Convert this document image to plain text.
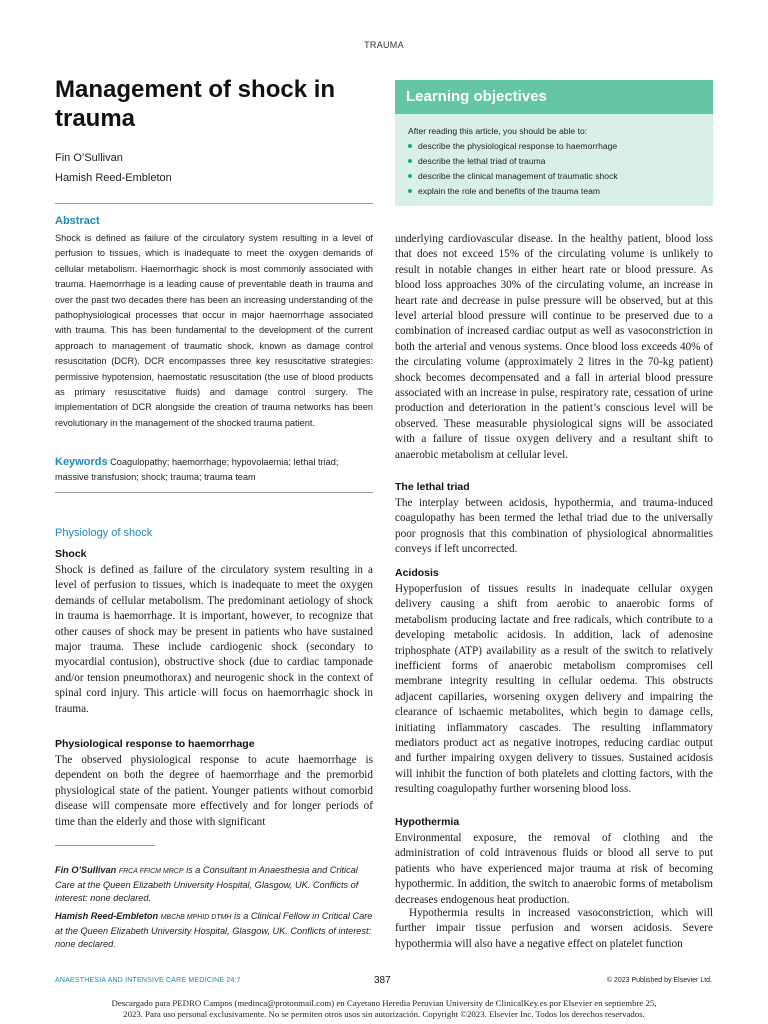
TRAUMA
Management of shock in trauma
Fin O’Sullivan
Hamish Reed-Embleton
Learning objectives
After reading this article, you should be able to:
describe the physiological response to haemorrhage
describe the lethal triad of trauma
describe the clinical management of traumatic shock
explain the role and benefits of the trauma team
Abstract

Shock is defined as failure of the circulatory system resulting in a level of perfusion to tissues, which is inadequate to meet the oxygen demands of cellular metabolism. Haemorrhagic shock is most commonly associated with trauma. Haemorrhage is a leading cause of preventable death in trauma and over the past two decades there has been an increasing understanding of the pathophysiological processes that occur in major haemorrhage associated with trauma. This has been fundamental to the development of the current approach to management of traumatic shock, known as damage control resuscitation (DCR). DCR encompasses three key resuscitative strategies: permissive hypotension, haemostatic resuscitation (the use of blood products as primary resuscitative fluids) and damage control surgery. The implementation of DCR alongside the creation of trauma networks has been revolutionary in the management of the shocked trauma patient.

Keywords Coagulopathy; haemorrhage; hypovolaemia; lethal triad; massive transfusion; shock; trauma; trauma team
Physiology of shock
Shock

Shock is defined as failure of the circulatory system resulting in a level of perfusion to tissues, which is inadequate to meet the oxygen demands of cellular metabolism. The predominant aetiology of shock in trauma is haemorrhage. It is important, however, to recognize that other causes of shock may be present in patients who have sustained major trauma. These include cardiogenic shock (secondary to myocardial contusion), obstructive shock (due to cardiac tamponade and/or tension pneumothorax) and neurogenic shock in the context of spinal cord injury. This article will focus on haemorrhagic shock in trauma.

Physiological response to haemorrhage

The observed physiological response to acute haemorrhage is dependent on both the degree of haemorrhage and the premorbid physiological state of the patient. Younger patients without comorbid disease will compensate more effectively and for longer periods of time than the elderly and those with significant

Fin O’Sullivan FRCA FFICM MRCP is a Consultant in Anaesthesia and Critical Care at the Queen Elizabeth University Hospital, Glasgow, UK. Conflicts of interest: none declared.

Hamish Reed-Embleton MBChB MPHID DTMH is a Clinical Fellow in Critical Care at the Queen Elizabeth University Hospital, Glasgow, UK. Conflicts of interest: none declared.

underlying cardiovascular disease. In the healthy patient, blood loss that does not exceed 15% of the circulating volume is unlikely to result in notable changes in either heart rate or blood pressure. As blood loss approaches 30% of the circulating volume, an increase in heart rate and decrease in pulse pressure will be observed, but at this level arterial blood pressure will continue to be preserved due to a combination of increased cardiac output as well as vasoconstriction in both the arterial and venous systems. Once blood loss exceeds 40% of the circulating volume (approximately 2 litres in the 70-kg patient) shock becomes decompensated and a fall in arterial blood pressure associated with an increase in pulse, respiratory rate, cessation of urine production and deterioration in the patient’s conscious level will be observed. These measurable physiological signs will be associated with a failure of tissue oxygen delivery and a resultant shift to anaerobic metabolism at cellular level.

The lethal triad

The interplay between acidosis, hypothermia, and trauma-induced coagulopathy has been termed the lethal triad due to the universally poor prognosis that this combination of physiological abnormalities conveys if left uncorrected.

Acidosis

Hypoperfusion of tissues results in inadequate cellular oxygen delivery causing a shift from aerobic to anaerobic forms of metabolism producing lactate and free radicals, which contribute to a developing metabolic acidosis. In addition, lack of adenosine triphosphate (ATP) availability as a result of the switch to relatively inefficient forms of anaerobic metabolism compromises cell membrane integrity resulting in cellular oedema. This obstructs adjacent capillaries, worsening oxygen delivery and impairing the clearance of ischaemic metabolites, which begin to damage cells, initiating inflammatory cascades. The resulting inflammatory mediators product act as negative inotropes, reducing cardiac output and further impairing oxygen delivery to tissues. Sustained acidosis will inhibit the function of both platelets and clotting factors, with the resulting coagulopathy further worsening blood loss.

Hypothermia

Environmental exposure, the removal of clothing and the administration of cold intravenous fluids or blood all serve to put patients who have experienced major trauma at risk of becoming hypothermic. In addition, the switch to anaerobic forms of metabolism decreases endogenous heat production.

Hypothermia results in increased vasoconstriction, which will further impair tissue perfusion and worsen acidosis. Severe hypothermia will also have a negative effect on platelet function

ANAESTHESIA AND INTENSIVE CARE MEDICINE 24:7	387	© 2023 Published by Elsevier Ltd.
Descargado para PEDRO Campos (medinca@protonmail.com) en Cayetano Heredia Peruvian University de ClinicalKey.es por Elsevier en septiembre 25,
2023. Para uso personal exclusivamente. No se permiten otros usos sin autorización. Copyright ©2023. Elsevier Inc. Todos los derechos reservados.
